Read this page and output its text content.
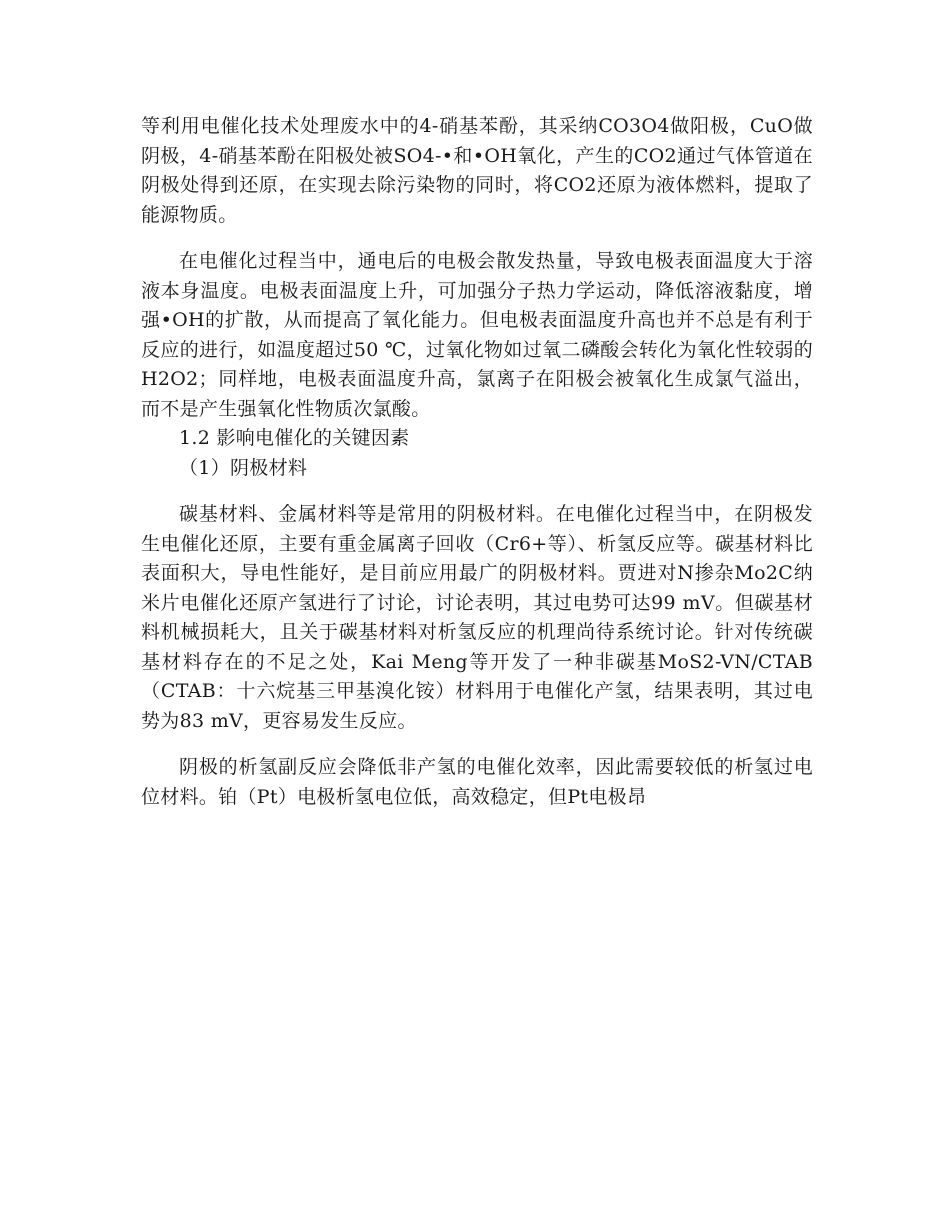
等利用电催化技术处理废水中的4-硝基苯酚，其采纳CO3O4做阳极，CuO做阴极，4-硝基苯酚在阳极处被SO4-•和•OH氧化，产生的CO2通过气体管道在阴极处得到还原，在实现去除污染物的同时，将CO2还原为液体燃料，提取了能源物质。

在电催化过程当中，通电后的电极会散发热量，导致电极表面温度大于溶液本身温度。电极表面温度上升，可加强分子热力学运动，降低溶液黏度，增强•OH的扩散，从而提高了氧化能力。但电极表面温度升高也并不总是有利于反应的进行，如温度超过50 ℃，过氧化物如过氧二磷酸会转化为氧化性较弱的H2O2；同样地，电极表面温度升高，氯离子在阳极会被氧化生成氯气溢出，而不是产生强氧化性物质次氯酸。

1.2 影响电催化的关键因素

（1）阴极材料

碳基材料、金属材料等是常用的阴极材料。在电催化过程当中，在阴极发生电催化还原，主要有重金属离子回收（Cr6+等）、析氢反应等。碳基材料比表面积大，导电性能好，是目前应用最广的阴极材料。贾进对N掺杂Mo2C纳米片电催化还原产氢进行了讨论，讨论表明，其过电势可达99 mV。但碳基材料机械损耗大，且关于碳基材料对析氢反应的机理尚待系统讨论。针对传统碳基材料存在的不足之处，Kai Meng等开发了一种非碳基MoS2-VN/CTAB（CTAB：十六烷基三甲基溴化铵）材料用于电催化产氢，结果表明，其过电势为83 mV，更容易发生反应。

阴极的析氢副反应会降低非产氢的电催化效率，因此需要较低的析氢过电位材料。铂（Pt）电极析氢电位低，高效稳定，但Pt电极昂
